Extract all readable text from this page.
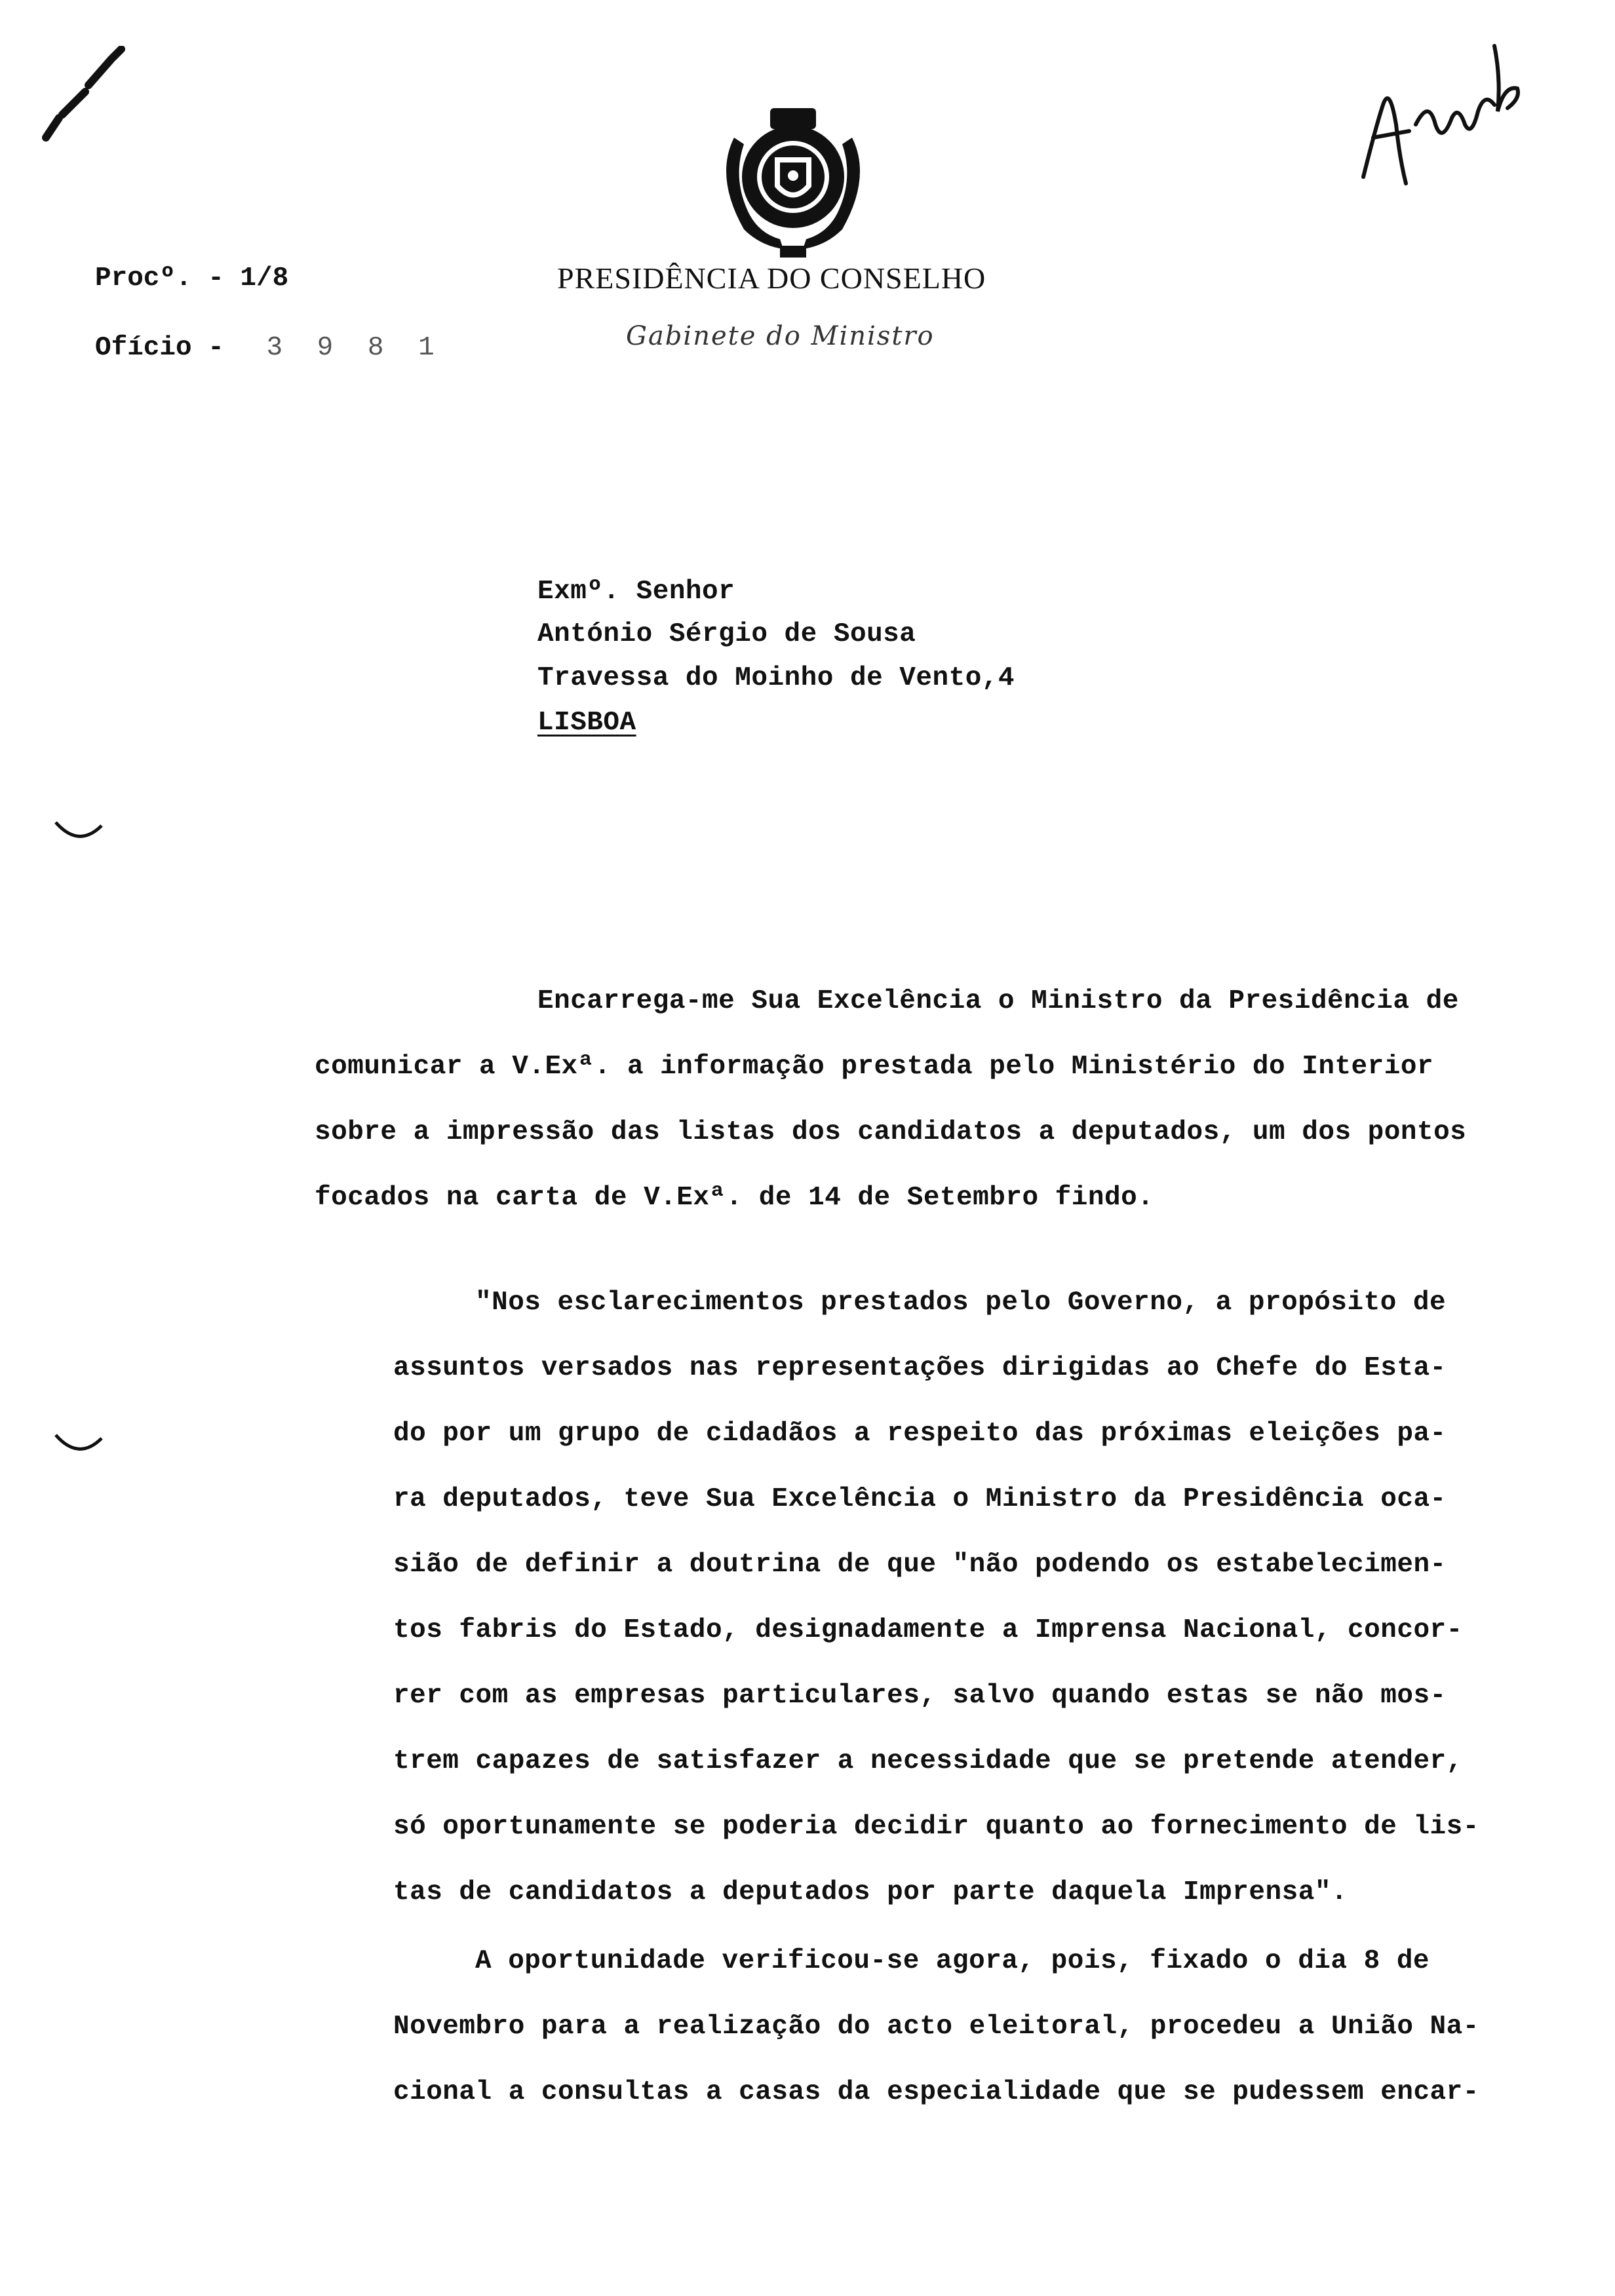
Procº. - 1/8
Ofício - 3 9 8 1
PRESIDÊNCIA DO CONSELHO
Gabinete do Ministro
Exmº. Senhor
António Sérgio de Sousa
Travessa do Moinho de Vento,4
LISBOA
Encarrega-me Sua Excelência o Ministro da Presidência de
comunicar a V.Exª. a informação prestada pelo Ministério do Interior
sobre a impressão das listas dos candidatos a deputados, um dos pontos
focados na carta de V.Exª. de 14 de Setembro findo.
"Nos esclarecimentos prestados pelo Governo, a propósito de
assuntos versados nas representações dirigidas ao Chefe do Esta-
do por um grupo de cidadãos a respeito das próximas eleições pa-
ra deputados, teve Sua Excelência o Ministro da Presidência oca-
sião de definir a doutrina de que "não podendo os estabelecimen-
tos fabris do Estado, designadamente a Imprensa Nacional, concor-
rer com as empresas particulares, salvo quando estas se não mos-
trem capazes de satisfazer a necessidade que se pretende atender,
só oportunamente se poderia decidir quanto ao fornecimento de lis-
tas de candidatos a deputados por parte daquela Imprensa".
A oportunidade verificou-se agora, pois, fixado o dia 8 de
Novembro para a realização do acto eleitoral, procedeu a União Na-
cional a consultas a casas da especialidade que se pudessem encar-
